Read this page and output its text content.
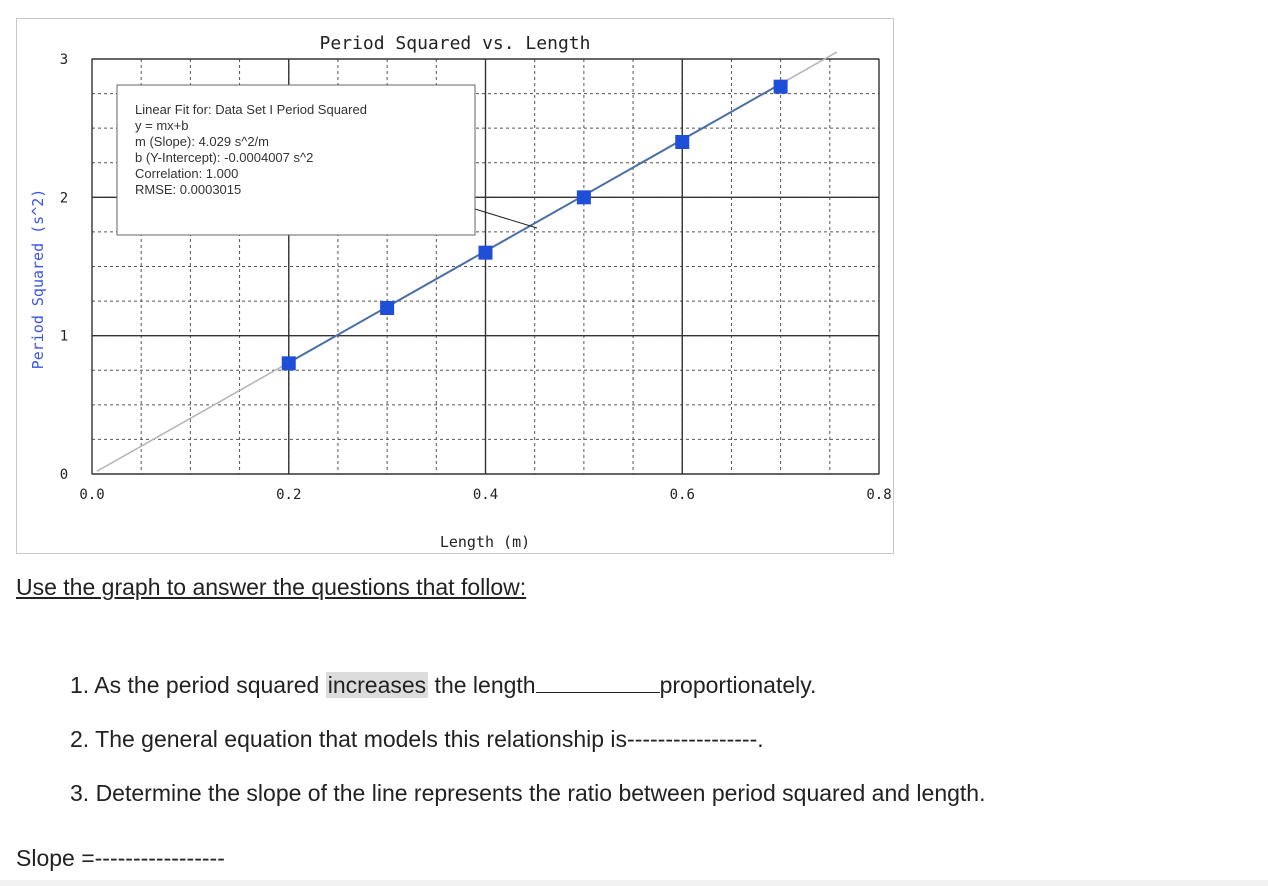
0.0	0.2	0.4	0.6	0.8
0
1
2
3
Period Squared vs. Length
Length (m)
Period Squared (s^2)
Linear Fit for: Data Set I Period Squared
y = mx+b
m (Slope): 4.029 s^2/m
b (Y-Intercept): -0.0004007 s^2
Correlation: 1.000
RMSE: 0.0003015
Use the graph to answer the questions that follow:
1. As the period squared increases the length	proportionately.
2. The general equation that models this relationship is-----------------.
3. Determine the slope of the line represents the ratio between period squared and length.
Slope =-----------------
